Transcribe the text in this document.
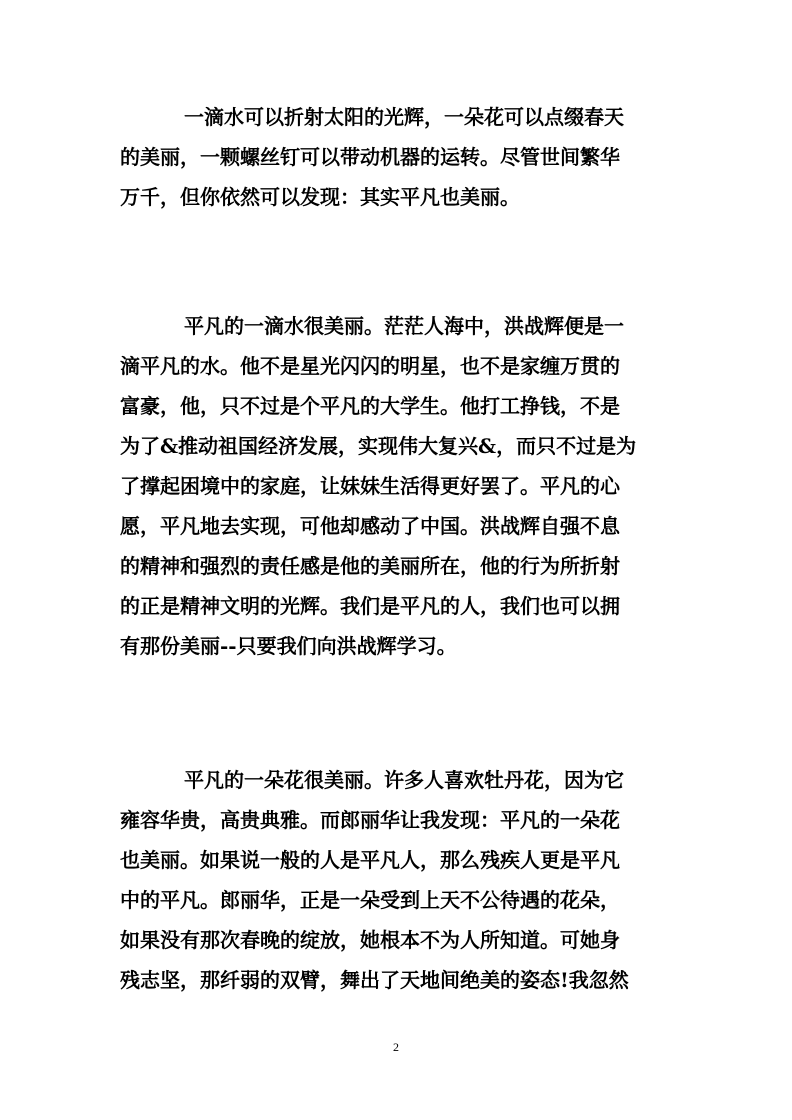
一滴水可以折射太阳的光辉，一朵花可以点缀春天
的美丽，一颗螺丝钉可以带动机器的运转。尽管世间繁华
万千，但你依然可以发现：其实平凡也美丽。

平凡的一滴水很美丽。茫茫人海中，洪战辉便是一
滴平凡的水。他不是星光闪闪的明星，也不是家缠万贯的
富豪，他，只不过是个平凡的大学生。他打工挣钱，不是
为了&推动祖国经济发展，实现伟大复兴&，而只不过是为
了撑起困境中的家庭，让妹妹生活得更好罢了。平凡的心
愿，平凡地去实现，可他却感动了中国。洪战辉自强不息
的精神和强烈的责任感是他的美丽所在，他的行为所折射
的正是精神文明的光辉。我们是平凡的人，我们也可以拥
有那份美丽--只要我们向洪战辉学习。

平凡的一朵花很美丽。许多人喜欢牡丹花，因为它
雍容华贵，高贵典雅。而郎丽华让我发现：平凡的一朵花
也美丽。如果说一般的人是平凡人，那么残疾人更是平凡
中的平凡。郎丽华，正是一朵受到上天不公待遇的花朵，
如果没有那次春晚的绽放，她根本不为人所知道。可她身
残志坚，那纤弱的双臂，舞出了天地间绝美的姿态!我忽然

2
